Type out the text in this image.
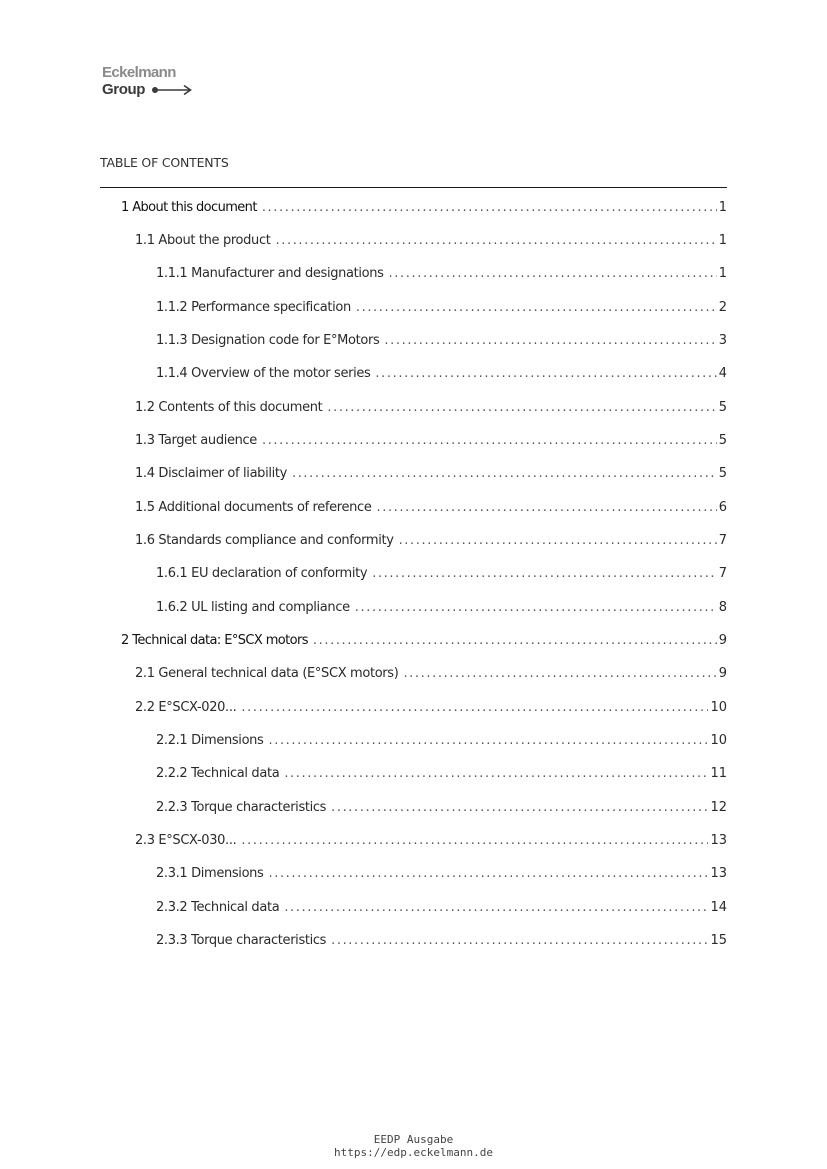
Eckelmann
Group
TABLE OF CONTENTS
1 About this document .....	1
1.1 About the product .....	1
1.1.1 Manufacturer and designations .....	1
1.1.2 Performance specification .....	2
1.1.3 Designation code for E°Motors .....	3
1.1.4 Overview of the motor series .....	4
1.2 Contents of this document .....	5
1.3 Target audience .....	5
1.4 Disclaimer of liability .....	5
1.5 Additional documents of reference .....	6
1.6 Standards compliance and conformity .....	7
1.6.1 EU declaration of conformity .....	7
1.6.2 UL listing and compliance .....	8
2 Technical data: E°SCX motors .....	9
2.1 General technical data (E°SCX motors) .....	9
2.2 E°SCX-020... .....	10
2.2.1 Dimensions .....	10
2.2.2 Technical data .....	11
2.2.3 Torque characteristics .....	12
2.3 E°SCX-030... .....	13
2.3.1 Dimensions .....	13
2.3.2 Technical data .....	14
2.3.3 Torque characteristics .....	15
EEDP Ausgabe
https://edp.eckelmann.de
